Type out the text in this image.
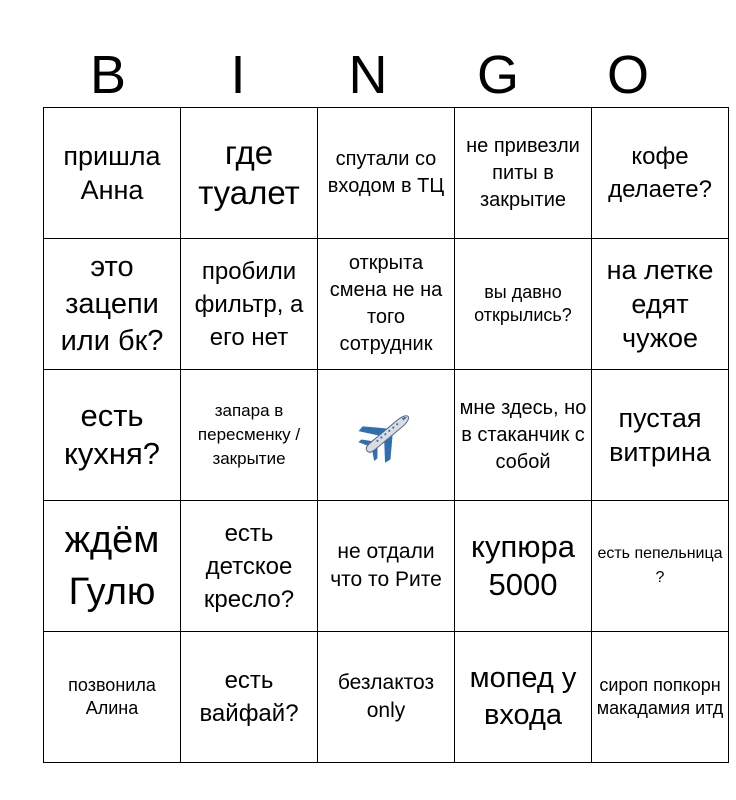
B	I	N	G	O
пришла Анна	где туалет	спутали со входом в ТЦ	не привезли питы в закрытие	кофе делаете?

это зацепи или бк?	пробили фильтр, а его нет	открыта смена не на того сотрудник	вы давно открылись?	на летке едят чужое

есть кухня?	запара в пересменку / закрытие		мне здесь, но в стаканчик с собой	пустая витрина

ждём Гулю	есть детское кресло?	не отдали что то Рите	купюра 5000	есть пепельница ?

позвонила Алина	есть вайфай?	безлактоз only	мопед у входа	сироп попкорн макадамия итд
